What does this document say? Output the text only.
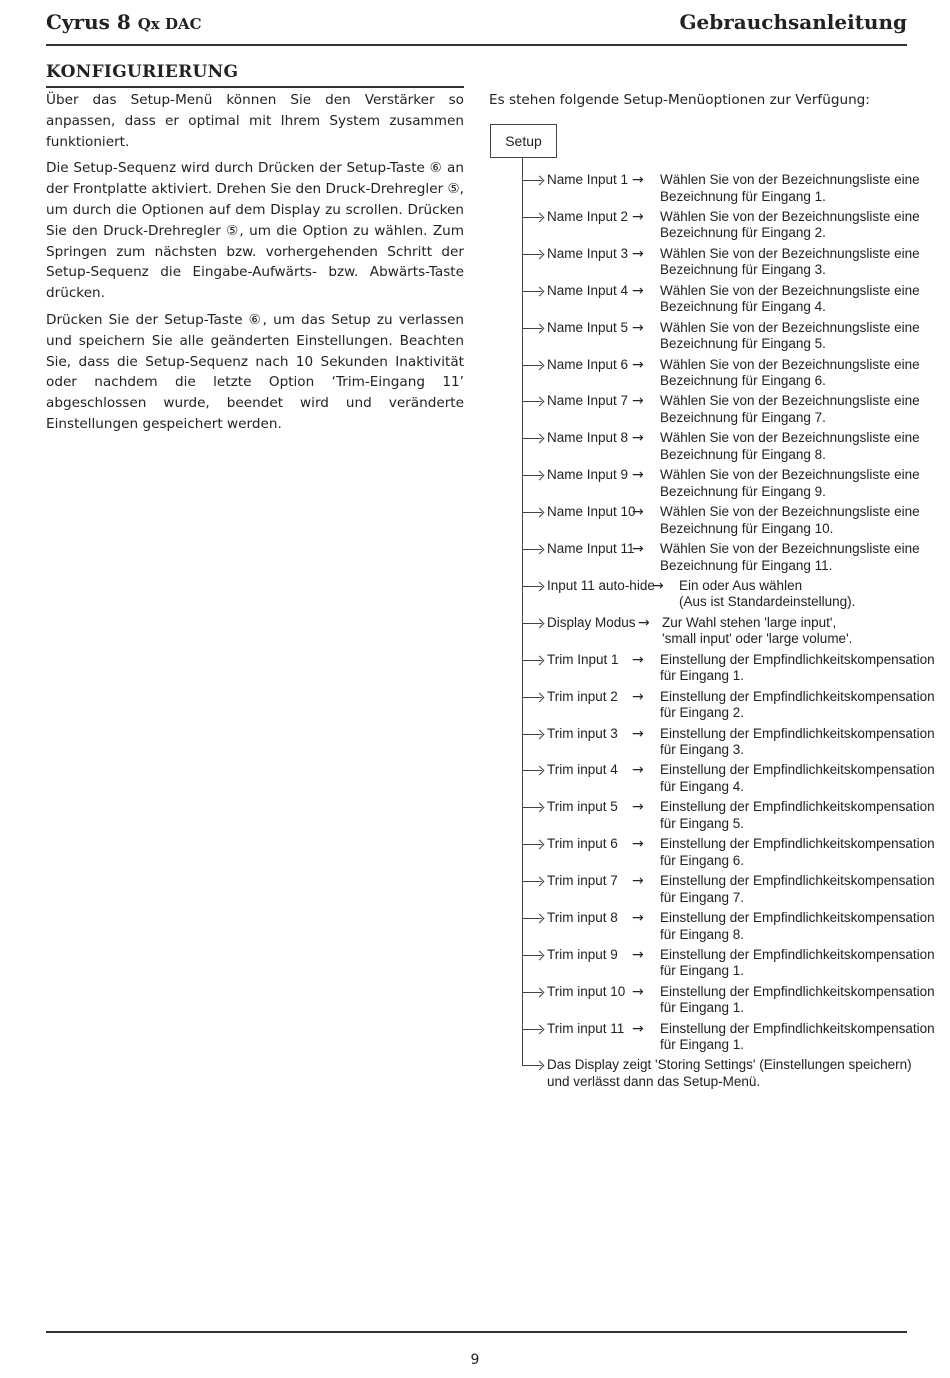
Cyrus 8 Qx DAC	Gebrauchsanleitung
KONFIGURIERUNG

Über das Setup-Menü können Sie den Verstärker so anpassen, dass er optimal mit Ihrem System zusammen funktioniert.

Die Setup-Sequenz wird durch Drücken der Setup-Taste ⑥ an der Frontplatte aktiviert. Drehen Sie den Druck-Drehregler ⑤, um durch die Optionen auf dem Display zu scrollen. Drücken Sie den Druck-Drehregler ⑤, um die Option zu wählen. Zum Springen zum nächsten bzw. vorhergehenden Schritt der Setup-Sequenz die Eingabe-Aufwärts- bzw. Abwärts-Taste drücken.

Drücken Sie der Setup-Taste ⑥, um das Setup zu verlassen und speichern Sie alle geänderten Einstellungen. Beachten Sie, dass die Setup-Sequenz nach 10 Sekunden Inaktivität oder nachdem die letzte Option ‘Trim-Eingang 11’ abgeschlossen wurde, beendet wird und veränderte Einstellungen gespeichert werden.

Es stehen folgende Setup-Menüoptionen zur Verfügung:
Setup
Name Input 1 →	Wählen Sie von der Bezeichnungsliste eine
Bezeichnung für Eingang 1.
Name Input 2 →	Wählen Sie von der Bezeichnungsliste eine
Bezeichnung für Eingang 2.
Name Input 3 →	Wählen Sie von der Bezeichnungsliste eine
Bezeichnung für Eingang 3.
Name Input 4 →	Wählen Sie von der Bezeichnungsliste eine
Bezeichnung für Eingang 4.
Name Input 5 →	Wählen Sie von der Bezeichnungsliste eine
Bezeichnung für Eingang 5.
Name Input 6 →	Wählen Sie von der Bezeichnungsliste eine
Bezeichnung für Eingang 6.
Name Input 7 →	Wählen Sie von der Bezeichnungsliste eine
Bezeichnung für Eingang 7.
Name Input 8 →	Wählen Sie von der Bezeichnungsliste eine
Bezeichnung für Eingang 8.
Name Input 9 →	Wählen Sie von der Bezeichnungsliste eine
Bezeichnung für Eingang 9.
Name Input 10
→	Wählen Sie von der Bezeichnungsliste eine
Bezeichnung für Eingang 10.
Name Input 11
→	Wählen Sie von der Bezeichnungsliste eine
Bezeichnung für Eingang 11.
Input 11 auto-hide
→	Ein oder Aus wählen
(Aus ist Standardeinstellung).
Display Modus → Zur Wahl stehen 'large input',
'small input' oder 'large volume'.
Trim Input 1 →	Einstellung der Empfindlichkeitskompensation
für Eingang 1.
Trim input 2 →	Einstellung der Empfindlichkeitskompensation
für Eingang 2.
Trim input 3 →	Einstellung der Empfindlichkeitskompensation
für Eingang 3.
Trim input 4 →	Einstellung der Empfindlichkeitskompensation
für Eingang 4.
Trim input 5 →	Einstellung der Empfindlichkeitskompensation
für Eingang 5.
Trim input 6 →	Einstellung der Empfindlichkeitskompensation
für Eingang 6.
Trim input 7 →	Einstellung der Empfindlichkeitskompensation
für Eingang 7.
Trim input 8 →	Einstellung der Empfindlichkeitskompensation
für Eingang 8.
Trim input 9 →	Einstellung der Empfindlichkeitskompensation
für Eingang 1.
Trim input 10 →	Einstellung der Empfindlichkeitskompensation
für Eingang 1.
Trim input 11 →	Einstellung der Empfindlichkeitskompensation
für Eingang 1.
Das Display zeigt 'Storing Settings' (Einstellungen speichern)
und verlässt dann das Setup-Menü.
9
